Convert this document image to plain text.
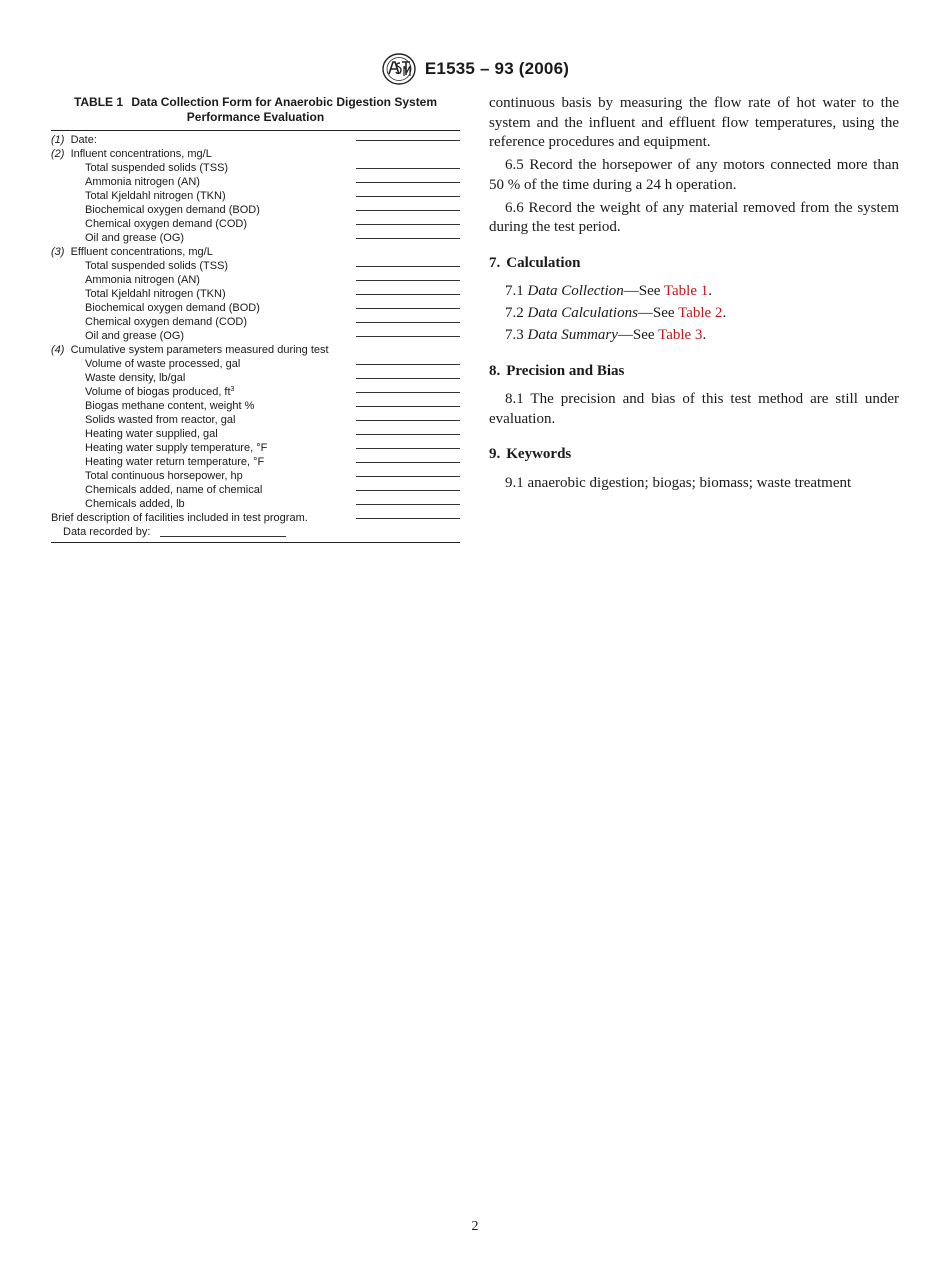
E1535 – 93 (2006)
TABLE 1 Data Collection Form for Anaerobic Digestion System
Performance Evaluation
(1) Date:
(2) Influent concentrations, mg/L
Total suspended solids (TSS)
Ammonia nitrogen (AN)
Total Kjeldahl nitrogen (TKN)
Biochemical oxygen demand (BOD)
Chemical oxygen demand (COD)
Oil and grease (OG)
(3) Effluent concentrations, mg/L
Total suspended solids (TSS)
Ammonia nitrogen (AN)
Total Kjeldahl nitrogen (TKN)
Biochemical oxygen demand (BOD)
Chemical oxygen demand (COD)
Oil and grease (OG)
(4) Cumulative system parameters measured during test
Volume of waste processed, gal
Waste density, lb/gal
Volume of biogas produced, $ft^3$
Biogas methane content, weight %
Solids wasted from reactor, gal
Heating water supplied, gal
Heating water supply temperature, °F
Heating water return temperature, °F
Total continuous horsepower, hp
Chemicals added, name of chemical
Chemicals added, lb
Brief description of facilities included in test program.
Data recorded by:

continuous basis by measuring the flow rate of hot water to the system and the influent and effluent flow temperatures, using the reference procedures and equipment.

6.5 Record the horsepower of any motors connected more than 50 % of the time during a 24 h operation.

6.6 Record the weight of any material removed from the system during the test period.

7. Calculation
7.1 Data Collection—See Table 1.
7.2 Data Calculations—See Table 2.
7.3 Data Summary—See Table 3.
8. Precision and Bias

8.1 The precision and bias of this test method are still under evaluation.

9. Keywords

9.1 anaerobic digestion; biogas; biomass; waste treatment

2
